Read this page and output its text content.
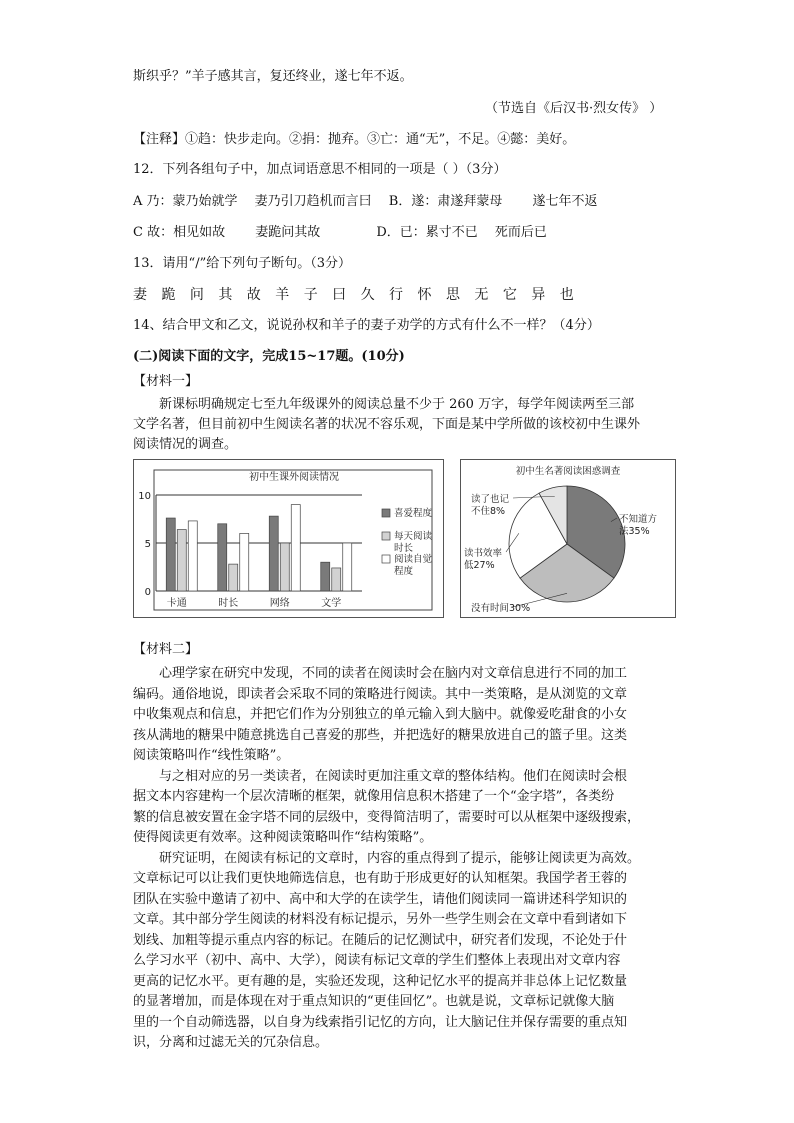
斯织乎？”羊子感其言，复还终业，遂七年不返。
（节选自《后汉书·烈女传》 ）
【注释】①趋：快步走向。②捐：抛弃。③亡：通“无”，不足。④懿：美好。
12．下列各组句子中，加点词语意思不相同的一项是（ ）（3分）
A 乃：蒙乃始就学　 妻乃引刀趋机而言曰　 B．遂：肃遂拜蒙母　　 遂七年不返
C 故：相见如故　　 妻跪问其故　　　　 D．已：累寸不已　 死而后已
13．请用“/”给下列句子断句。（3分）
妻 跪 问 其 故 羊 子 曰 久 行 怀 思 无 它 异 也
14、结合甲文和乙文，说说孙权和羊子的妻子劝学的方式有什么不一样？（4分）
(二)阅读下面的文字，完成15~17题。(10分)
【材料一】
新课标明确规定七至九年级课外的阅读总量不少于 260 万字，每学年阅读两至三部
文学名著，但目前初中生阅读名著的状况不容乐观，下面是某中学所做的该校初中生课外
阅读情况的调查。
初中生课外阅读情况
0
5
10
卡通	时长	网络	文学
喜爱程度
每天阅读
时长
阅读自觉
程度
初中生名著阅读困惑调查
不知道方
法35%
没有时间30%
读书效率
低27%
读了也记
不住8%
【材料二】
心理学家在研究中发现，不同的读者在阅读时会在脑内对文章信息进行不同的加工
编码。通俗地说，即读者会采取不同的策略进行阅读。其中一类策略，是从浏览的文章
中收集观点和信息，并把它们作为分别独立的单元输入到大脑中。就像爱吃甜食的小女
孩从满地的糖果中随意挑选自己喜爱的那些，并把选好的糖果放进自己的篮子里。这类
阅读策略叫作“线性策略”。
与之相对应的另一类读者，在阅读时更加注重文章的整体结构。他们在阅读时会根
据文本内容建构一个层次清晰的框架，就像用信息积木搭建了一个“金字塔”，各类纷
繁的信息被安置在金字塔不同的层级中，变得简洁明了，需要时可以从框架中逐级搜索，
使得阅读更有效率。这种阅读策略叫作“结构策略”。
研究证明，在阅读有标记的文章时，内容的重点得到了提示，能够让阅读更为高效。
文章标记可以让我们更快地筛选信息，也有助于形成更好的认知框架。我国学者王蓉的
团队在实验中邀请了初中、高中和大学的在读学生，请他们阅读同一篇讲述科学知识的
文章。其中部分学生阅读的材料没有标记提示，另外一些学生则会在文章中看到诸如下
划线、加粗等提示重点内容的标记。在随后的记忆测试中，研究者们发现，不论处于什
么学习水平（初中、高中、大学），阅读有标记文章的学生们整体上表现出对文章内容
更高的记忆水平。更有趣的是，实验还发现，这种记忆水平的提高并非总体上记忆数量
的显著增加，而是体现在对于重点知识的“更佳回忆”。也就是说，文章标记就像大脑
里的一个自动筛选器，以自身为线索指引记忆的方向，让大脑记住并保存需要的重点知
识，分离和过滤无关的冗杂信息。
